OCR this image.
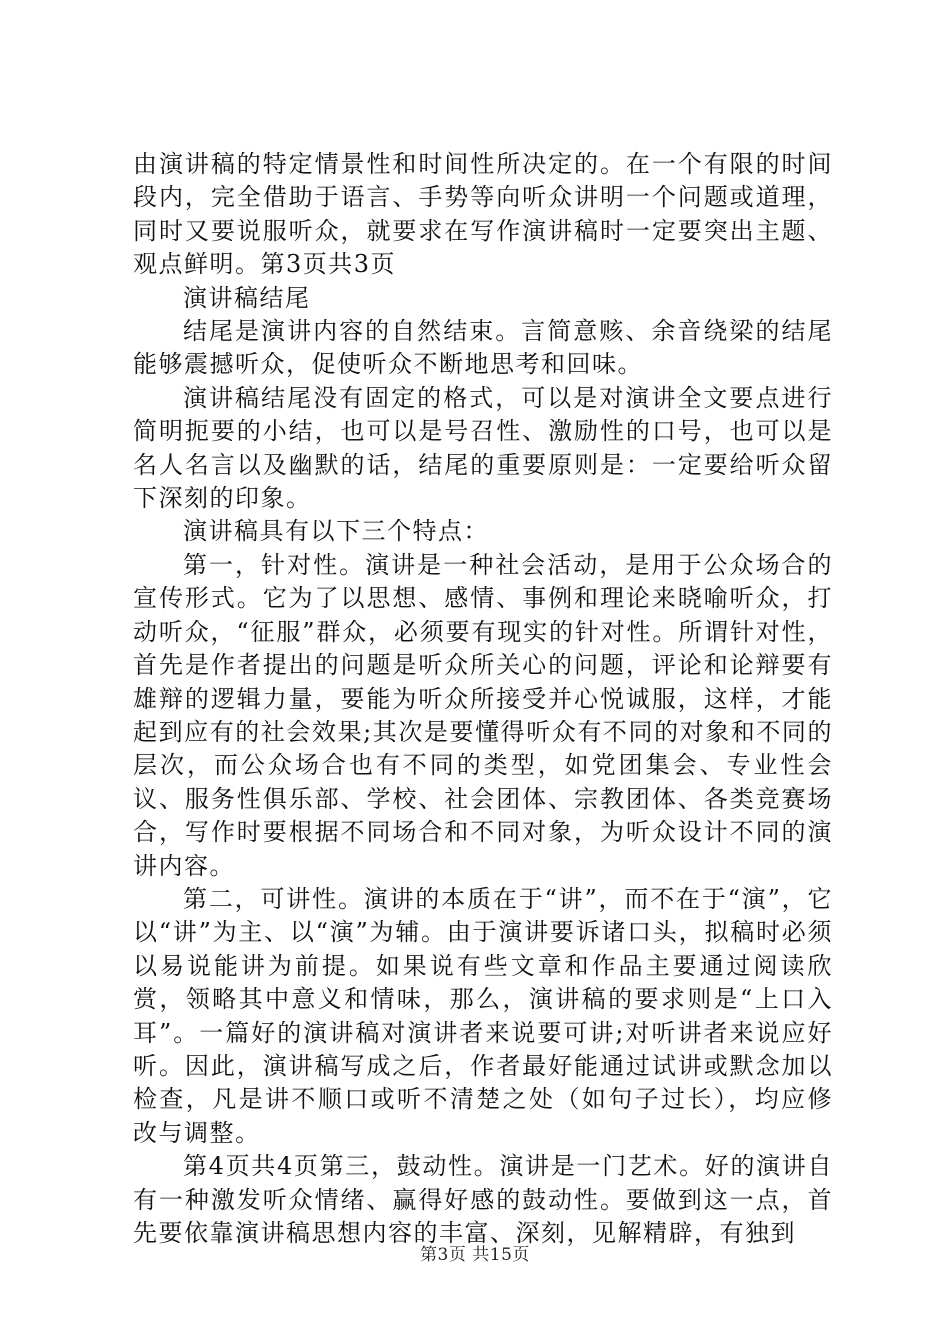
由演讲稿的特定情景性和时间性所决定的。在一个有限的时间段内，完全借助于语言、手势等向听众讲明一个问题或道理，同时又要说服听众，就要求在写作演讲稿时一定要突出主题、观点鲜明。第3页共3页

演讲稿结尾

结尾是演讲内容的自然结束。言简意赅、余音绕梁的结尾能够震撼听众，促使听众不断地思考和回味。

演讲稿结尾没有固定的格式，可以是对演讲全文要点进行简明扼要的小结，也可以是号召性、激励性的口号，也可以是名人名言以及幽默的话，结尾的重要原则是：一定要给听众留下深刻的印象。

演讲稿具有以下三个特点：

第一，针对性。演讲是一种社会活动，是用于公众场合的宣传形式。它为了以思想、感情、事例和理论来晓喻听众，打动听众，“征服”群众，必须要有现实的针对性。所谓针对性，首先是作者提出的问题是听众所关心的问题，评论和论辩要有雄辩的逻辑力量，要能为听众所接受并心悦诚服，这样，才能起到应有的社会效果;其次是要懂得听众有不同的对象和不同的层次，而公众场合也有不同的类型，如党团集会、专业性会议、服务性俱乐部、学校、社会团体、宗教团体、各类竞赛场合，写作时要根据不同场合和不同对象，为听众设计不同的演讲内容。

第二，可讲性。演讲的本质在于“讲”，而不在于“演”，它以“讲”为主、以“演”为辅。由于演讲要诉诸口头，拟稿时必须以易说能讲为前提。如果说有些文章和作品主要通过阅读欣赏，领略其中意义和情味，那么，演讲稿的要求则是“上口入耳”。一篇好的演讲稿对演讲者来说要可讲;对听讲者来说应好听。因此，演讲稿写成之后，作者最好能通过试讲或默念加以检查，凡是讲不顺口或听不清楚之处（如句子过长），均应修改与调整。

第4页共4页第三，鼓动性。演讲是一门艺术。好的演讲自有一种激发听众情绪、赢得好感的鼓动性。要做到这一点，首先要依靠演讲稿思想内容的丰富、深刻，见解精辟，有独到

第3页 共15页
